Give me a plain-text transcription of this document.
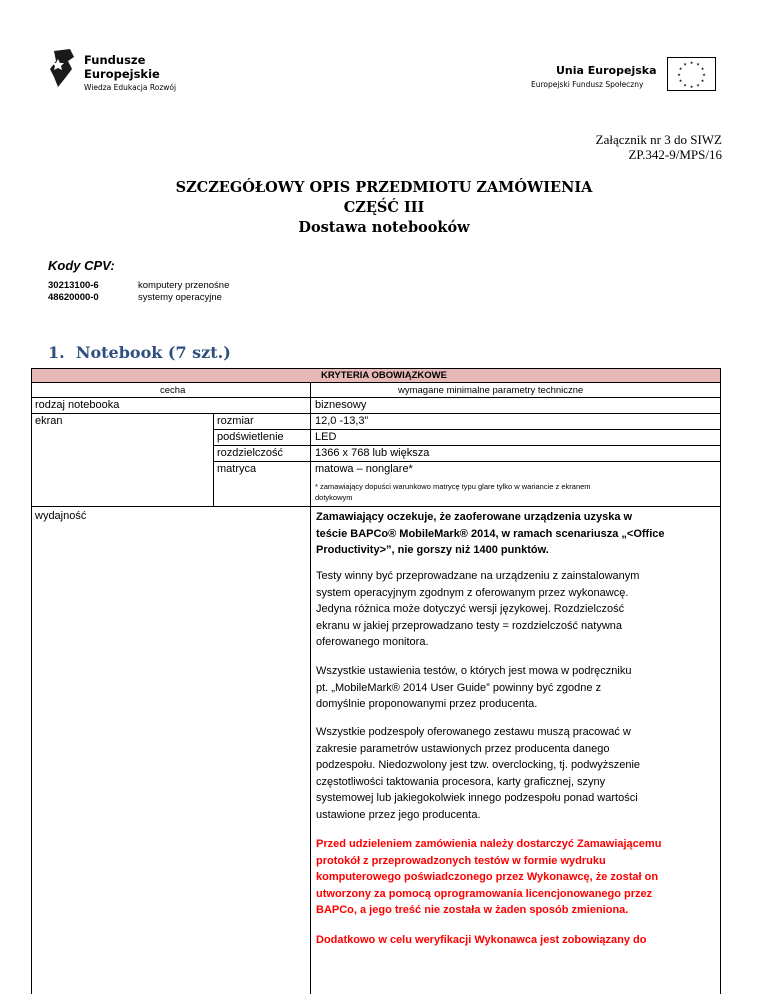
Fundusze
Europejskie
Wiedza Edukacja Rozwój
Unia Europejska
Europejski Fundusz Społeczny
★ ★
★
★
★
★
★
★
★
★
★
★
Załącznik nr 3 do SIWZ
ZP.342-9/MPS/16
SZCZEGÓŁOWY OPIS PRZEDMIOTU ZAMÓWIENIA
CZĘŚĆ III
Dostawa notebooków
Kody CPV:
30213100-6	komputery przenośne
48620000-0	systemy operacyjne
1. Notebook (7 szt.)
KRYTERIA OBOWIĄZKOWE
cecha	wymagane minimalne parametry techniczne
rodzaj notebooka	biznesowy
ekran	rozmiar	12,0 -13,3”
podświetlenie	LED
rozdzielczość	1366 x 768 lub większa
matryca	matowa – nonglare*
* zamawiający dopuści warunkowo matrycę typu glare tylko w wariancie z ekranem
dotykowym
wydajność	Zamawiający oczekuje, że zaoferowane urządzenia uzyska w
teście BAPCo® MobileMark® 2014, w ramach scenariusza „<Office
Productivity>”, nie gorszy niż 1400 punktów.
Testy winny być przeprowadzane na urządzeniu z zainstalowanym
system operacyjnym zgodnym z oferowanym przez wykonawcę.
Jedyna różnica może dotyczyć wersji językowej. Rozdzielczość
ekranu w jakiej przeprowadzano testy = rozdzielczość natywna
oferowanego monitora.
Wszystkie ustawienia testów, o których jest mowa w podręczniku
pt. „MobileMark® 2014 User Guide” powinny być zgodne z
domyślnie proponowanymi przez producenta.
Wszystkie podzespoły oferowanego zestawu muszą pracować w
zakresie parametrów ustawionych przez producenta danego
podzespołu. Niedozwolony jest tzw. overclocking, tj. podwyższenie
częstotliwości taktowania procesora, karty graficznej, szyny
systemowej lub jakiegokolwiek innego podzespołu ponad wartości
ustawione przez jego producenta.
Przed udzieleniem zamówienia należy dostarczyć Zamawiającemu
protokół z przeprowadzonych testów w formie wydruku
komputerowego poświadczonego przez Wykonawcę, że został on
utworzony za pomocą oprogramowania licencjonowanego przez
BAPCo, a jego treść nie została w żaden sposób zmieniona.
Dodatkowo w celu weryfikacji Wykonawca jest zobowiązany do
